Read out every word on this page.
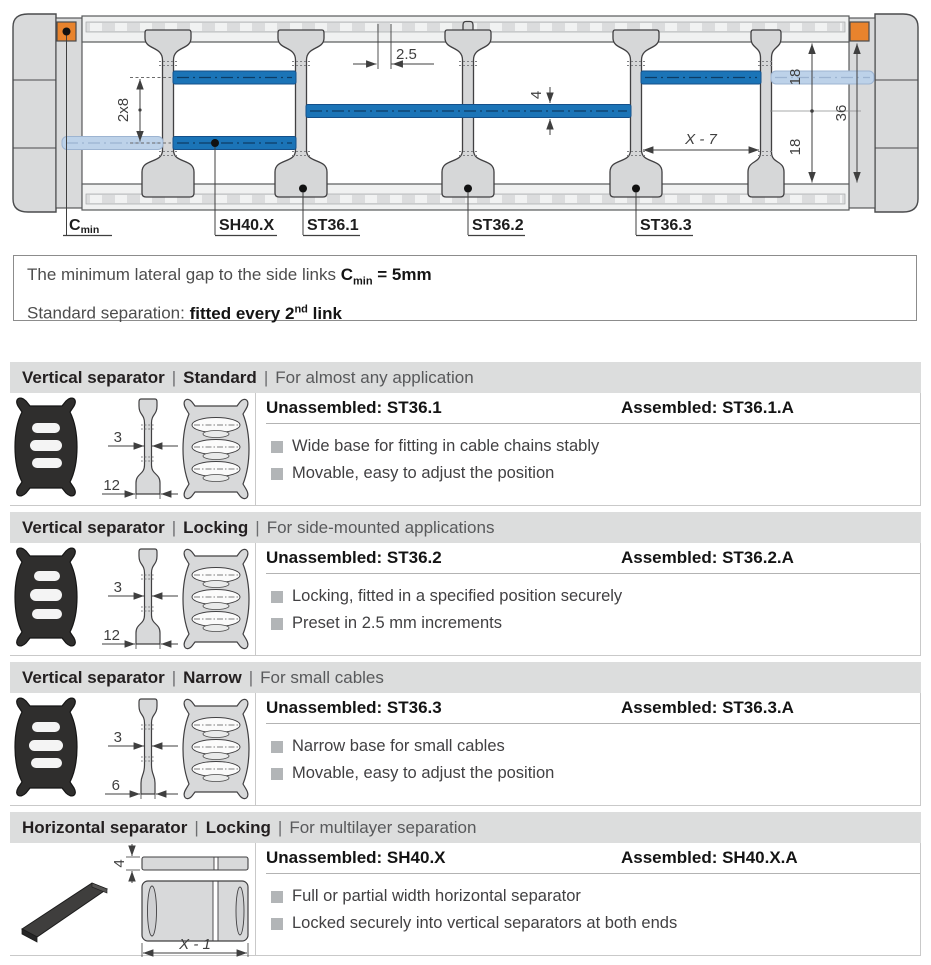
2x8
2.5
4
X - 7
18
18
36
Cmin	SH40.X ST36.1	ST36.2	ST36.3
The minimum lateral gap to the side links $C_{min} = 5mm$
Standard separation: fitted every 2nd link
Vertical separator | Standard | For almost any application
3
12
Unassembled: ST36.1	Assembled: ST36.1.A
Wide base for fitting in cable chains stably
Movable, easy to adjust the position
Vertical separator | Locking | For side-mounted applications
3
12
Unassembled: ST36.2	Assembled: ST36.2.A
Locking, fitted in a specified position securely
Preset in 2.5 mm increments
Vertical separator | Narrow | For small cables
3
6
Unassembled: ST36.3	Assembled: ST36.3.A
Narrow base for small cables
Movable, easy to adjust the position
Horizontal separator | Locking | For multilayer separation
4
X - 1
Unassembled: SH40.X	Assembled: SH40.X.A
Full or partial width horizontal separator
Locked securely into vertical separators at both ends
